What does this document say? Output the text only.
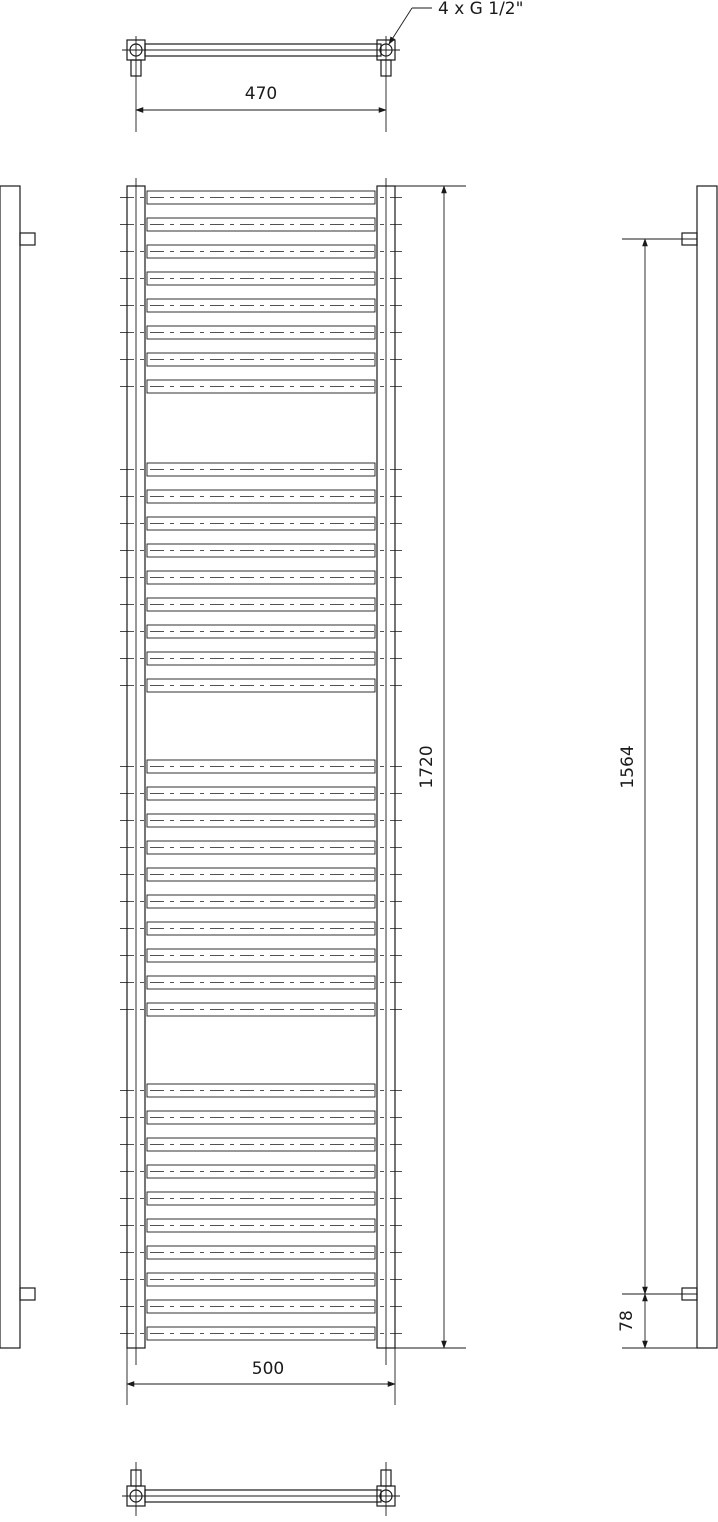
470
4 x G 1/2"
1720
500
1564
78
